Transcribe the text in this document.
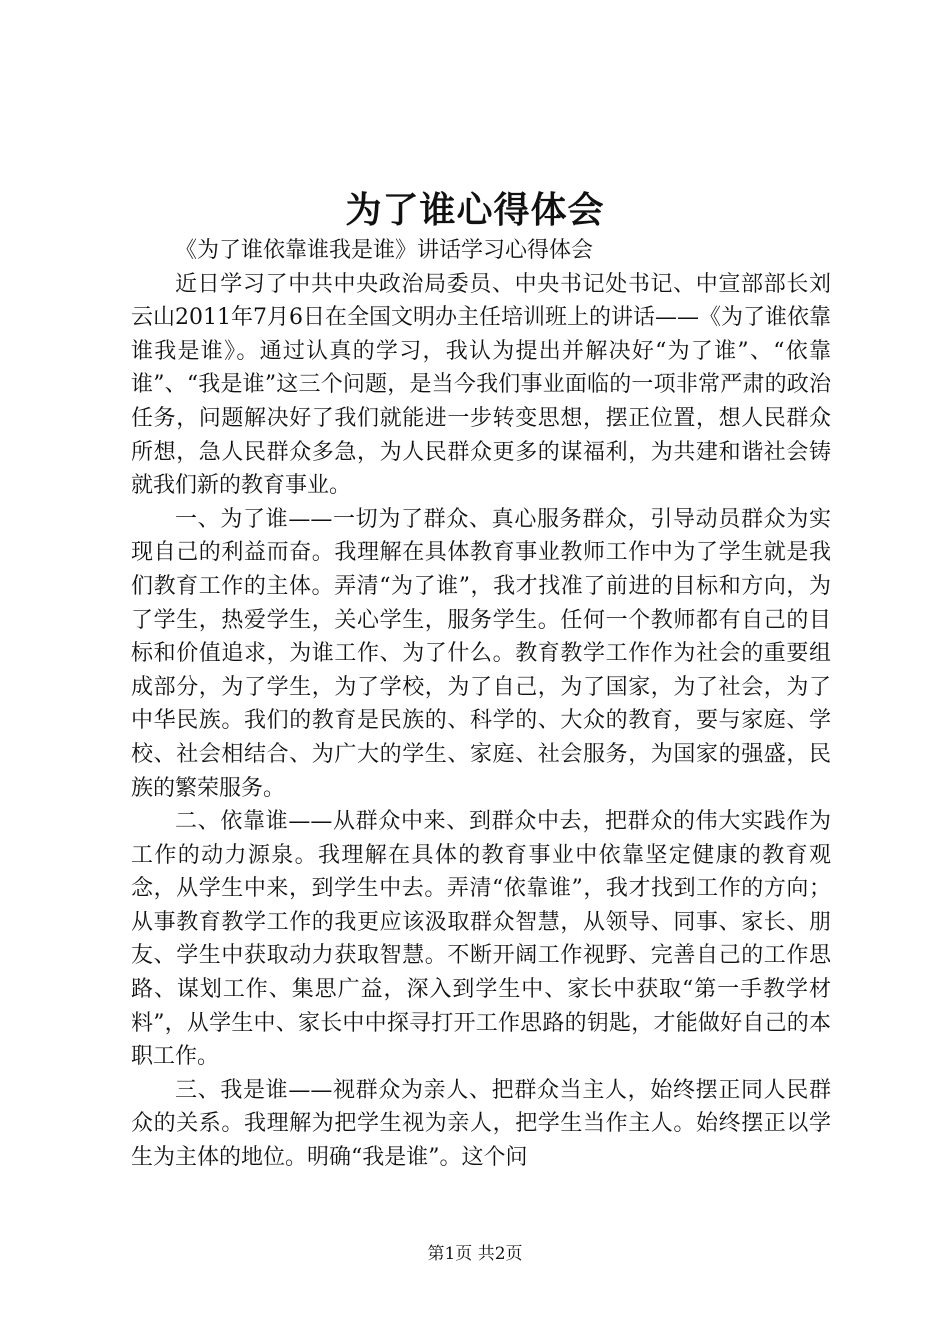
为了谁心得体会

《为了谁依靠谁我是谁》讲话学习心得体会

近日学习了中共中央政治局委员、中央书记处书记、中宣部部长刘云山2011年7月6日在全国文明办主任培训班上的讲话——《为了谁依靠谁我是谁》。通过认真的学习，我认为提出并解决好“为了谁”、“依靠谁”、“我是谁”这三个问题，是当今我们事业面临的一项非常严肃的政治任务，问题解决好了我们就能进一步转变思想，摆正位置，想人民群众所想，急人民群众多急，为人民群众更多的谋福利，为共建和谐社会铸就我们新的教育事业。

一、为了谁——一切为了群众、真心服务群众，引导动员群众为实现自己的利益而奋。我理解在具体教育事业教师工作中为了学生就是我们教育工作的主体。弄清“为了谁”，我才找准了前进的目标和方向，为了学生，热爱学生，关心学生，服务学生。任何一个教师都有自己的目标和价值追求，为谁工作、为了什么。教育教学工作作为社会的重要组成部分，为了学生，为了学校，为了自己，为了国家，为了社会，为了中华民族。我们的教育是民族的、科学的、大众的教育，要与家庭、学校、社会相结合、为广大的学生、家庭、社会服务，为国家的强盛，民族的繁荣服务。

二、依靠谁——从群众中来、到群众中去，把群众的伟大实践作为工作的动力源泉。我理解在具体的教育事业中依靠坚定健康的教育观念，从学生中来，到学生中去。弄清“依靠谁”，我才找到工作的方向；从事教育教学工作的我更应该汲取群众智慧，从领导、同事、家长、朋友、学生中获取动力获取智慧。不断开阔工作视野、完善自己的工作思路、谋划工作、集思广益，深入到学生中、家长中获取“第一手教学材料”，从学生中、家长中中探寻打开工作思路的钥匙，才能做好自己的本职工作。

三、我是谁——视群众为亲人、把群众当主人，始终摆正同人民群众的关系。我理解为把学生视为亲人，把学生当作主人。始终摆正以学生为主体的地位。明确“我是谁”。这个问

第1页 共2页
